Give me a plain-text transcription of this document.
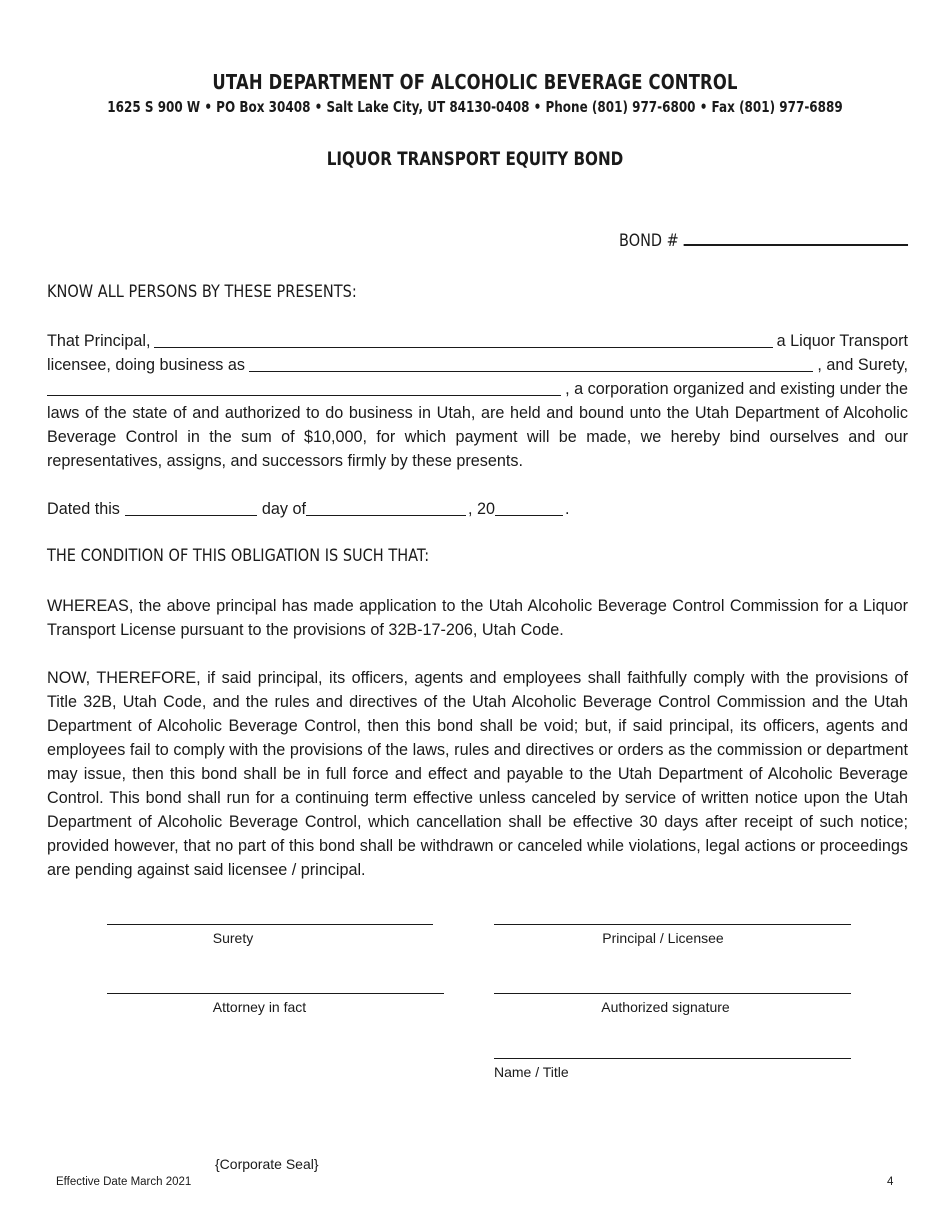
UTAH DEPARTMENT OF ALCOHOLIC BEVERAGE CONTROL
1625 S 900 W • PO Box 30408 • Salt Lake City, UT 84130-0408 • Phone (801) 977-6800 • Fax (801) 977-6889
LIQUOR TRANSPORT EQUITY BOND
BOND #
KNOW ALL PERSONS BY THESE PRESENTS:
That Principal,	a Liquor Transport
licensee, doing business as	, and Surety,
, a corporation organized and existing under the
laws of the state of and authorized to do business in Utah, are held and bound unto the Utah Department of Alcoholic Beverage Control in the sum of $10,000, for which payment will be made, we hereby bind ourselves and our representatives, assigns, and successors firmly by these presents.
Dated this	day of	, 20	.
THE CONDITION OF THIS OBLIGATION IS SUCH THAT:
WHEREAS, the above principal has made application to the Utah Alcoholic Beverage Control Commission for a Liquor Transport License pursuant to the provisions of 32B-17-206, Utah Code.
NOW, THEREFORE, if said principal, its officers, agents and employees shall faithfully comply with the provisions of Title 32B, Utah Code, and the rules and directives of the Utah Alcoholic Beverage Control Commission and the Utah Department of Alcoholic Beverage Control, then this bond shall be void; but, if said principal, its officers, agents and employees fail to comply with the provisions of the laws, rules and directives or orders as the commission or department may issue, then this bond shall be in full force and effect and payable to the Utah Department of Alcoholic Beverage Control. This bond shall run for a continuing term effective unless canceled by service of written notice upon the Utah Department of Alcoholic Beverage Control, which cancellation shall be effective 30 days after receipt of such notice; provided however, that no part of this bond shall be withdrawn or canceled while violations, legal actions or proceedings are pending against said licensee / principal.
Surety	Principal / Licensee
Attorney in fact	Authorized signature
Name / Title
{Corporate Seal}
Effective Date March 2021	4
